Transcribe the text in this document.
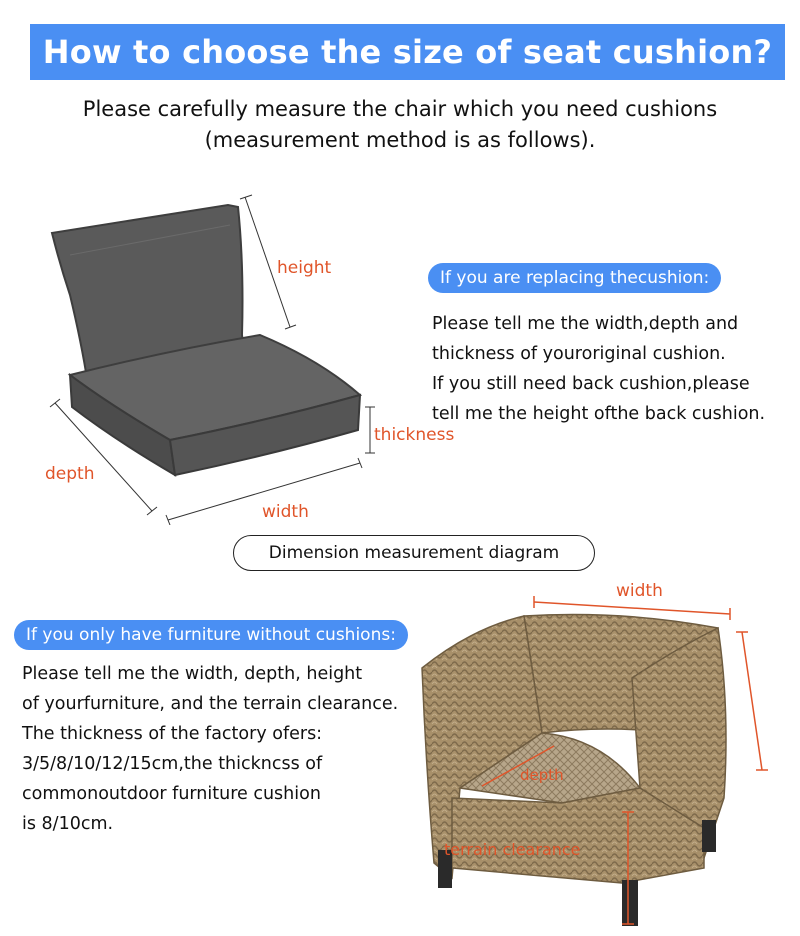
How to choose the size of seat cushion?
Please carefully measure the chair which you need cushions
(measurement method is as follows).
height
thickness
depth
width
If you are replacing thecushion:
Please tell me the width,depth and
thickness of youroriginal cushion.
If you still need back cushion,please
tell me the height ofthe back cushion.
Dimension measurement diagram
If you only have furniture without cushions:
Please tell me the width, depth, height
of yourfurniture, and the terrain clearance.
The thickness of the factory ofers:
3/5/8/10/12/15cm,the thickncss of
commonoutdoor furniture cushion
is 8/10cm.
width
depth
terrain clearance
